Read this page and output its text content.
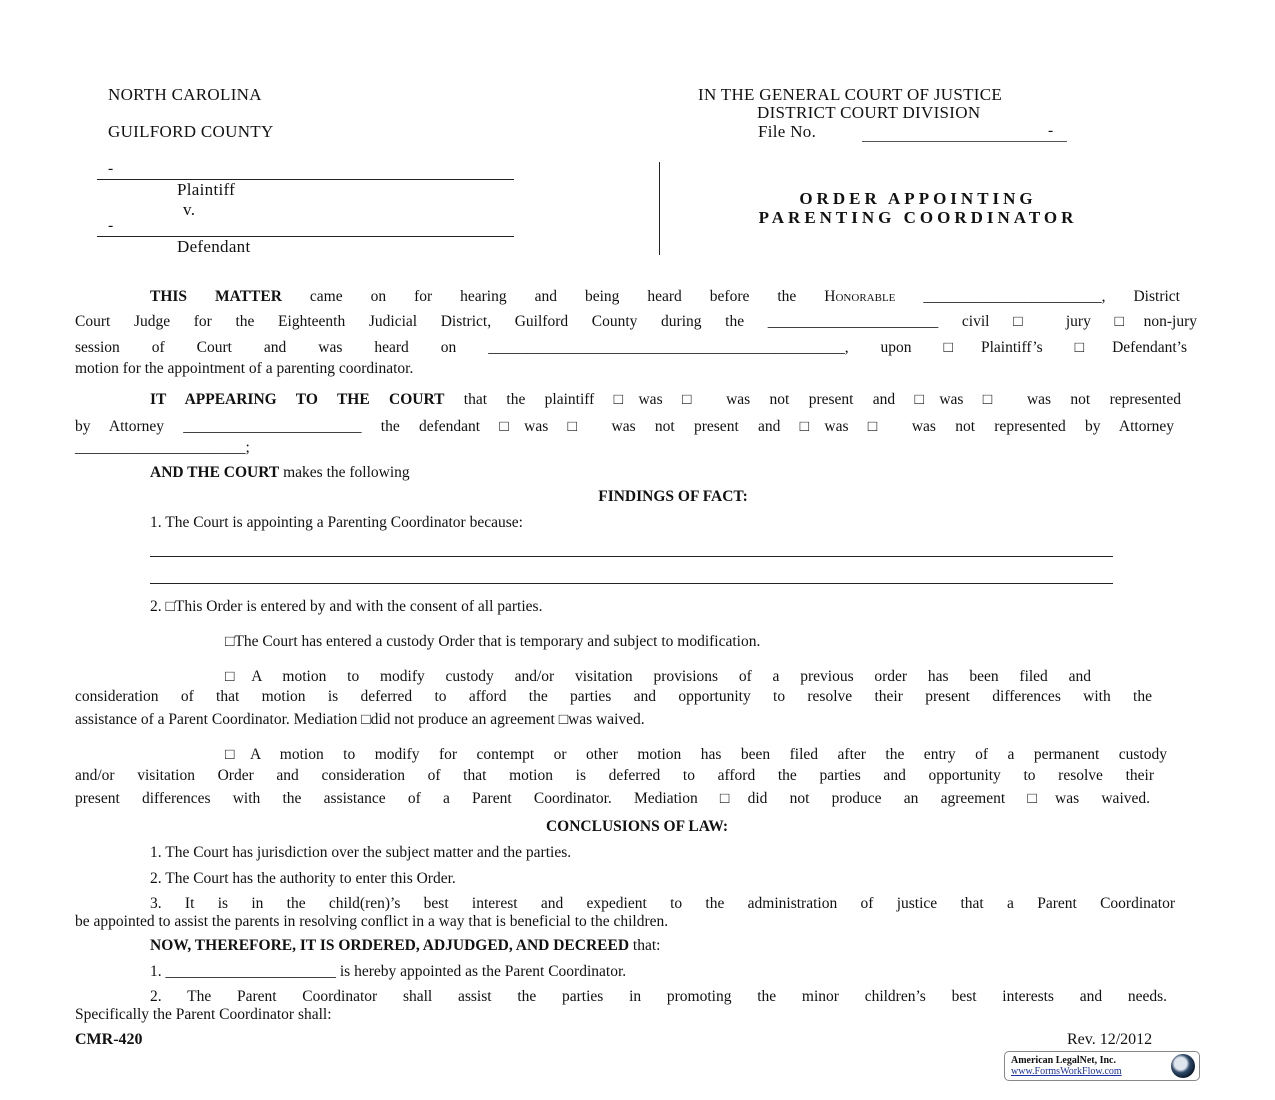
NORTH CAROLINA
GUILFORD COUNTY
-
Plaintiff
v.
-
Defendant
IN THE GENERAL COURT OF JUSTICE
DISTRICT COURT DIVISION
File No.	-
ORDER APPOINTING
PARENTING COORDINATOR
THIS MATTER came on for hearing and being heard before the Honorable _______________________, District
Court Judge for the Eighteenth Judicial District, Guilford County during the ______________________ civil □ jury □non-jury
session of Court and was heard on ______________________________________________, upon □Plaintiff’s □Defendant’s
motion for the appointment of a parenting coordinator.
IT APPEARING TO THE COURT that the plaintiff □was □ was not present and □was □ was not represented
by Attorney _______________________ the defendant □was □ was not present and □was □ was not represented by Attorney
______________________;
AND THE COURT makes the following
FINDINGS OF FACT:
1. The Court is appointing a Parenting Coordinator because:
2. □This Order is entered by and with the consent of all parties.
□The Court has entered a custody Order that is temporary and subject to modification.
□A motion to modify custody and/or visitation provisions of a previous order has been filed and
consideration of that motion is deferred to afford the parties and opportunity to resolve their present differences with the
assistance of a Parent Coordinator. Mediation □did not produce an agreement □was waived.
□A motion to modify for contempt or other motion has been filed after the entry of a permanent custody
and/or visitation Order and consideration of that motion is deferred to afford the parties and opportunity to resolve their
present differences with the assistance of a Parent Coordinator. Mediation □did not produce an agreement □was waived.
CONCLUSIONS OF LAW:
1. The Court has jurisdiction over the subject matter and the parties.
2. The Court has the authority to enter this Order.
3. It is in the child(ren)’s best interest and expedient to the administration of justice that a Parent Coordinator
be appointed to assist the parents in resolving conflict in a way that is beneficial to the children.
NOW, THEREFORE, IT IS ORDERED, ADJUDGED, AND DECREED that:
1. ______________________ is hereby appointed as the Parent Coordinator.
2. The Parent Coordinator shall assist the parties in promoting the minor children’s best interests and needs.
Specifically the Parent Coordinator shall:
CMR-420	Rev. 12/2012
American LegalNet, Inc.
www.FormsWorkFlow.com
